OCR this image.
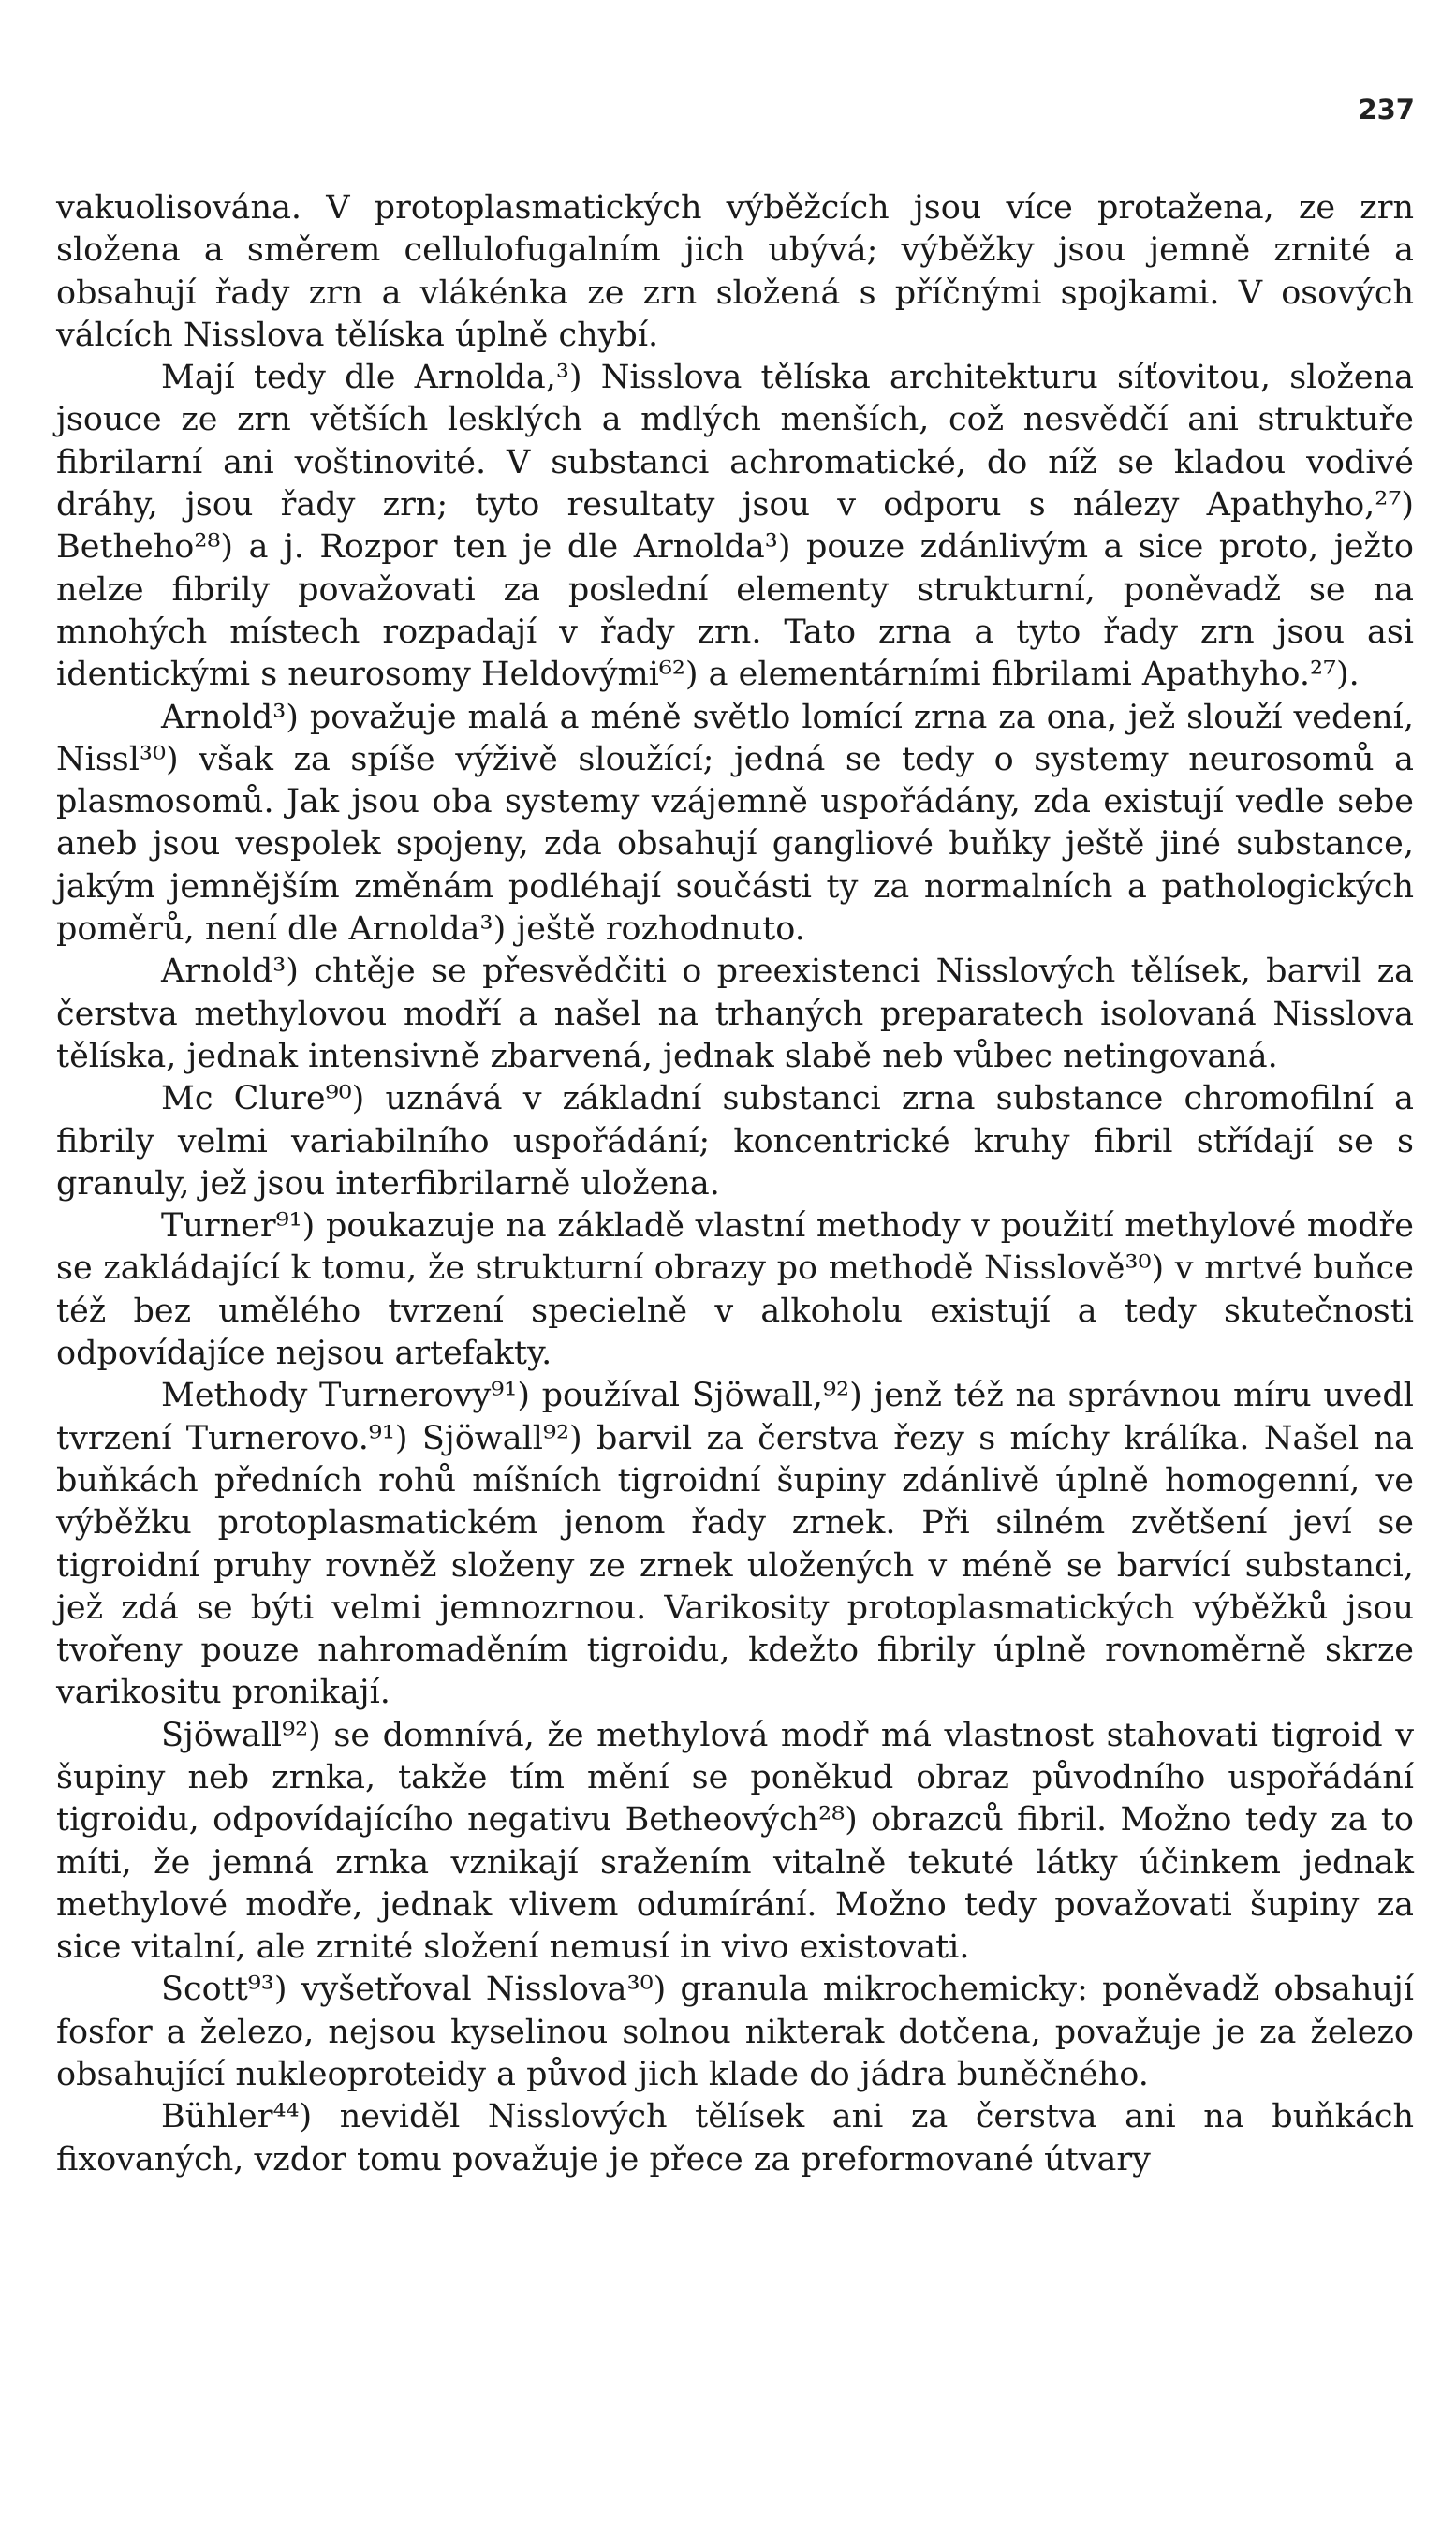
237

vakuolisována. V protoplasmatických výběžcích jsou více protažena, ze zrn složena a směrem cellulofugalním jich ubývá; výběžky jsou jemně zrnité a obsahují řady zrn a vlákénka ze zrn složená s příčnými spojkami. V osových válcích Nisslova tělíska úplně chybí.

Mají tedy dle Arnolda,³) Nisslova tělíska architekturu síťovitou, složena jsouce ze zrn větších lesklých a mdlých menších, což nesvědčí ani struktuře fibrilarní ani voštinovité. V substanci achromatické, do níž se kladou vodivé dráhy, jsou řady zrn; tyto resultaty jsou v odporu s nálezy Apathyho,²⁷) Betheho²⁸) a j. Rozpor ten je dle Arnolda³) pouze zdánlivým a sice proto, ježto nelze fibrily považovati za poslední elementy strukturní, poněvadž se na mnohých místech rozpadají v řady zrn. Tato zrna a tyto řady zrn jsou asi identickými s neurosomy Heldovými⁶²) a elementárními fibrilami Apathyho.²⁷).

Arnold³) považuje malá a méně světlo lomící zrna za ona, jež slouží vedení, Nissl³⁰) však za spíše výživě sloužící; jedná se tedy o systemy neurosomů a plasmosomů. Jak jsou oba systemy vzájemně uspořádány, zda existují vedle sebe aneb jsou vespolek spojeny, zda obsahují gangliové buňky ještě jiné substance, jakým jemnějším změnám podléhají součásti ty za normalních a pathologických poměrů, není dle Arnolda³) ještě rozhodnuto.

Arnold³) chtěje se přesvědčiti o preexistenci Nisslových tělísek, barvil za čerstva methylovou modří a našel na trhaných preparatech isolovaná Nisslova tělíska, jednak intensivně zbarvená, jednak slabě neb vůbec netingovaná.

Mc Clure⁹⁰) uznává v základní substanci zrna substance chromofilní a fibrily velmi variabilního uspořádání; koncentrické kruhy fibril střídají se s granuly, jež jsou interfibrilarně uložena.

Turner⁹¹) poukazuje na základě vlastní methody v použití methylové modře se zakládající k tomu, že strukturní obrazy po methodě Nisslově³⁰) v mrtvé buňce též bez umělého tvrzení specielně v alkoholu existují a tedy skutečnosti odpovídajíce nejsou artefakty.

Methody Turnerovy⁹¹) používal Sjöwall,⁹²) jenž též na správnou míru uvedl tvrzení Turnerovo.⁹¹) Sjöwall⁹²) barvil za čerstva řezy s míchy králíka. Našel na buňkách předních rohů míšních tigroidní šupiny zdánlivě úplně homogenní, ve výběžku protoplasmatickém jenom řady zrnek. Při silném zvětšení jeví se tigroidní pruhy rovněž složeny ze zrnek uložených v méně se barvící substanci, jež zdá se býti velmi jemnozrnou. Varikosity protoplasmatických výběžků jsou tvořeny pouze nahromaděním tigroidu, kdežto fibrily úplně rovnoměrně skrze varikositu pronikají.

Sjöwall⁹²) se domnívá, že methylová modř má vlastnost stahovati tigroid v šupiny neb zrnka, takže tím mění se poněkud obraz původního uspořádání tigroidu, odpovídajícího negativu Betheových²⁸) obrazců fibril. Možno tedy za to míti, že jemná zrnka vznikají sražením vitalně tekuté látky účinkem jednak methylové modře, jednak vlivem odumírání. Možno tedy považovati šupiny za sice vitalní, ale zrnité složení nemusí in vivo existovati.

Scott⁹³) vyšetřoval Nisslova³⁰) granula mikrochemicky: poněvadž obsahují fosfor a železo, nejsou kyselinou solnou nikterak dotčena, považuje je za železo obsahující nukleoproteidy a původ jich klade do jádra buněčného.

Bühler⁴⁴) neviděl Nisslových tělísek ani za čerstva ani na buňkách fixovaných, vzdor tomu považuje je přece za preformované útvary
